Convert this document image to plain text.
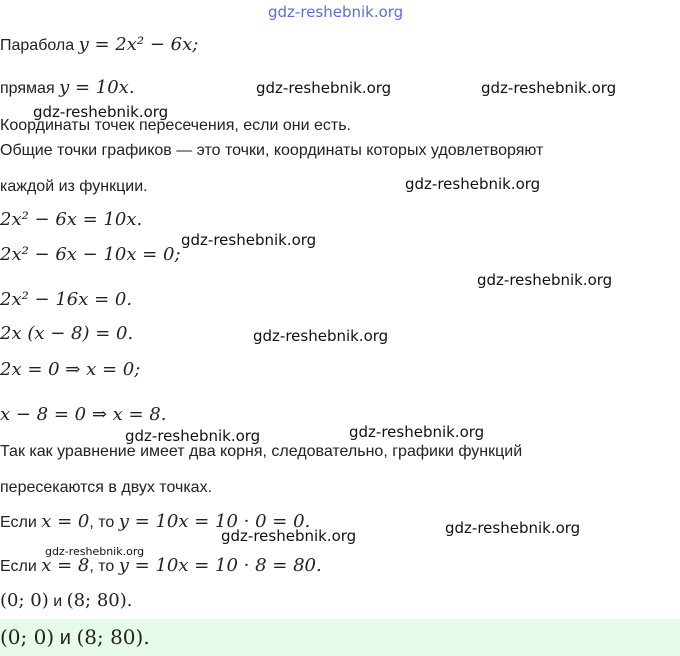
gdz-reshebnik.org
Парабола y = 2x² − 6x;
прямая y = 10x.	gdz-reshebnik.org	gdz-reshebnik.org
gdz-reshebnik.org
Координаты точек пересечения, если они есть.
Общие точки графиков — это точки, координаты которых удовлетворяют
каждой из функции.	gdz-reshebnik.org
2x² − 6x = 10x.
2x² − 6x − 10x = 0;
gdz-reshebnik.org
gdz-reshebnik.org
2x² − 16x = 0.
2x (x − 8) = 0.	gdz-reshebnik.org
2x = 0 ⇒ x = 0;
x − 8 = 0 ⇒ x = 8.
gdz-reshebnik.org
gdz-reshebnik.org
Так как уравнение имеет два корня, следовательно, графики функций
пересекаются в двух точках.
Если x = 0, то y = 10x = 10 · 0 = 0.	gdz-reshebnik.org
gdz-reshebnik.org
gdz-reshebnik.org
Если x = 8, то y = 10x = 10 · 8 = 80.
(0; 0) и (8; 80).
(0; 0) и (8; 80).
